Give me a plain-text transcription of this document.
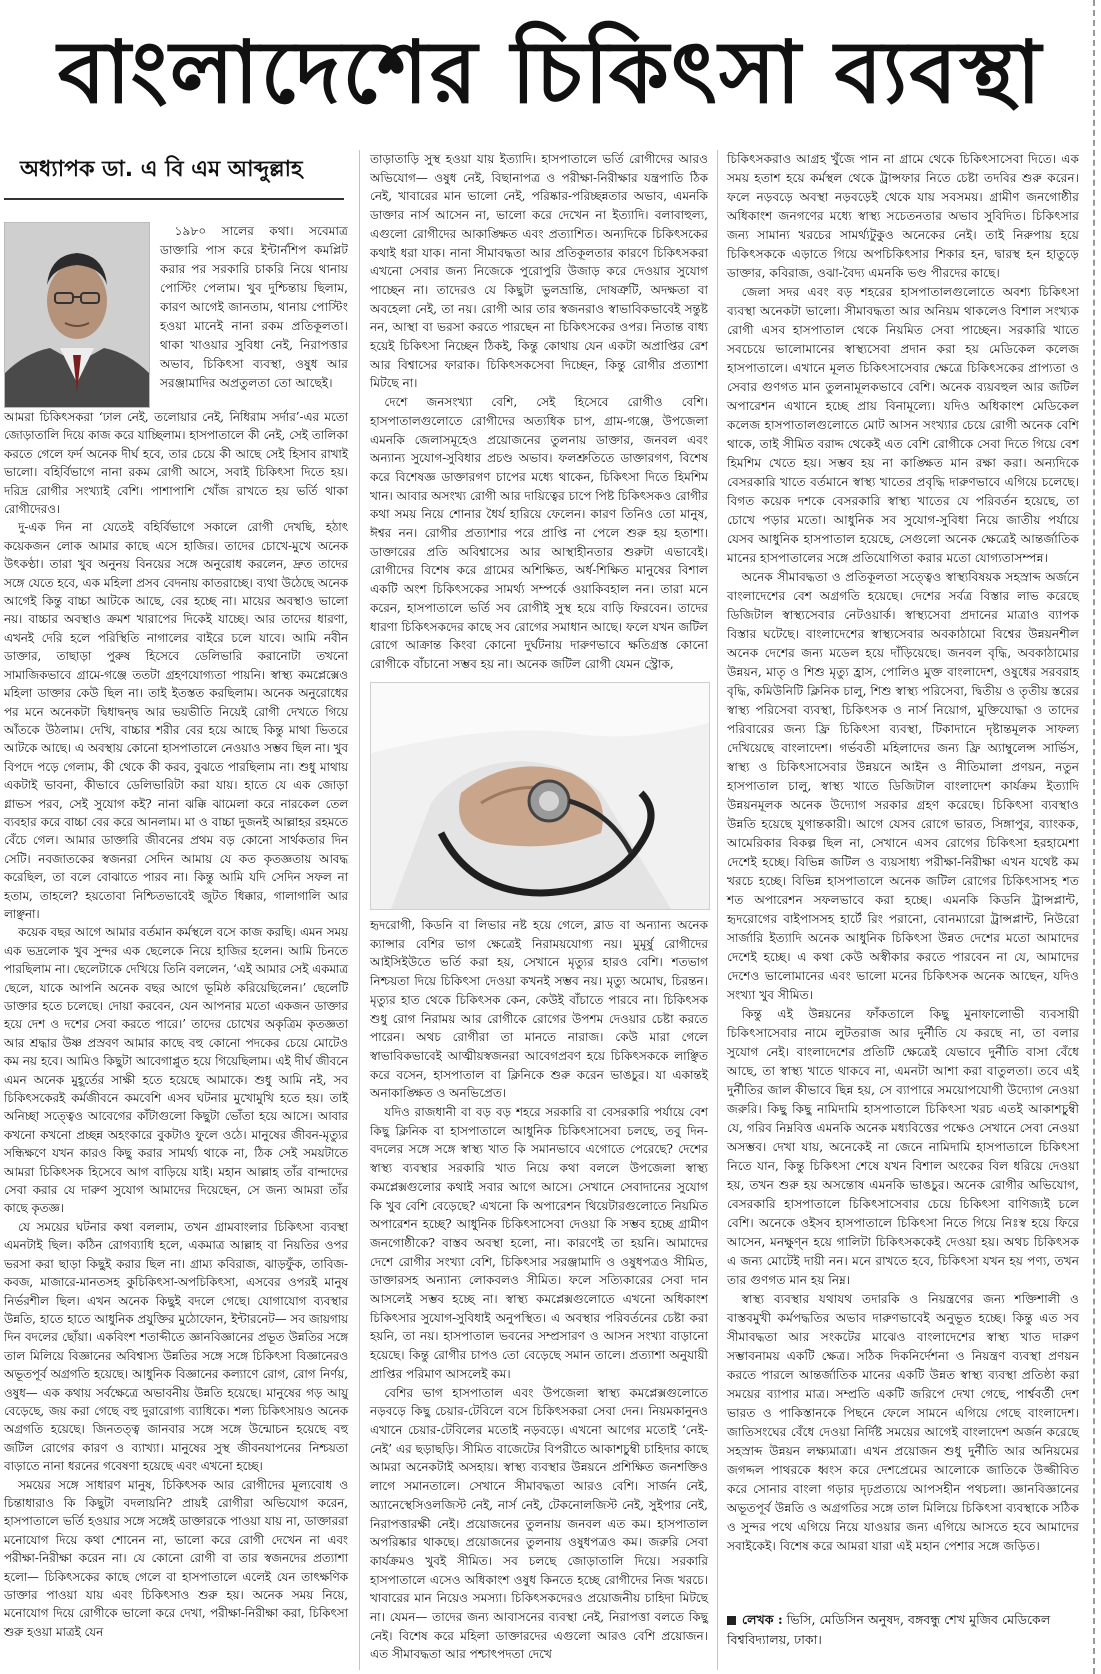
বাংলাদেশের চিকিৎসা ব্যবস্থা
অধ্যাপক ডা. এ বি এম আব্দুল্লাহ

১৯৮০ সালের কথা। সবেমাত্র ডাক্তারি পাস করে ইন্টার্নশিপ কমপ্লিট করার পর সরকারি চাকরি নিয়ে থানায় পোস্টিং পেলাম। খুব দুশ্চিন্তায় ছিলাম, কারণ আগেই জানতাম, থানায় পোস্টিং হওয়া মানেই নানা রকম প্রতিকূলতা। থাকা খাওয়ার সুবিধা নেই, নিরাপত্তার অভাব, চিকিৎসা ব্যবস্থা, ওষুধ আর সরঞ্জামাদির অপ্রতুলতা তো আছেই।

আমরা চিকিৎসকরা ‘ঢাল নেই, তলোয়ার নেই, নিধিরাম সর্দার’-এর মতো জোড়াতালি দিয়ে কাজ করে যাচ্ছিলাম। হাসপাতালে কী নেই, সেই তালিকা করতে গেলে ফর্দ অনেক দীর্ঘ হবে, তার চেয়ে কী আছে সেই হিসাব রাখাই ভালো। বহির্বিভাগে নানা রকম রোগী আসে, সবাই চিকিৎসা দিতে হয়। দরিদ্র রোগীর সংখ্যাই বেশি। পাশাপাশি খোঁজ রাখতে হয় ভর্তি থাকা রোগীদেরও।

দু-এক দিন না যেতেই বহির্বিভাগে সকালে রোগী দেখছি, হঠাৎ কয়েকজন লোক আমার কাছে এসে হাজির। তাদের চোখে-মুখে অনেক উৎকণ্ঠা। তারা খুব অনুনয় বিনয়ের সঙ্গে অনুরোধ করলেন, দ্রুত তাদের সঙ্গে যেতে হবে, এক মহিলা প্রসব বেদনায় কাতরাচ্ছে। ব্যথা উঠেছে অনেক আগেই কিন্তু বাচ্চা আটকে আছে, বের হচ্ছে না। মায়ের অবস্থাও ভালো নয়। বাচ্চার অবস্থাও ক্রমশ খারাপের দিকেই যাচ্ছে। আর তাদের ধারণা, এখনই দেরি হলে পরিস্থিতি নাগালের বাইরে চলে যাবে। আমি নবীন ডাক্তার, তাছাড়া পুরুষ হিসেবে ডেলিভারি করানোটা তখনো সামাজিকভাবে গ্রামে-গঞ্জে ততটা গ্রহণযোগ্যতা পায়নি। স্বাস্থ্য কমপ্লেক্সেও মহিলা ডাক্তার কেউ ছিল না। তাই ইতস্তত করছিলাম। অনেক অনুরোধের পর মনে অনেকটা দ্বিধাদ্বন্দ্ব আর ভয়ভীতি নিয়েই রোগী দেখতে গিয়ে আঁতকে উঠলাম। দেখি, বাচ্চার শরীর বের হয়ে আছে কিন্তু মাথা ভিতরে আটকে আছে। এ অবস্থায় কোনো হাসপাতালে নেওয়াও সম্ভব ছিল না। খুব বিপদে পড়ে গেলাম, কী থেকে কী করব, বুঝতে পারছিলাম না। শুধু মাথায় একটাই ভাবনা, কীভাবে ডেলিভারিটা করা যায়। হাতে যে এক জোড়া গ্লাভস পরব, সেই সুযোগ কই? নানা ঝক্কি ঝামেলা করে নারকেল তেল ব্যবহার করে বাচ্চা বের করে আনলাম। মা ও বাচ্চা দুজনই আল্লাহর রহমতে বেঁচে গেল। আমার ডাক্তারি জীবনের প্রথম বড় কোনো সার্থকতার দিন সেটি। নবজাতকের স্বজনরা সেদিন আমায় যে কত কৃতজ্ঞতায় আবদ্ধ করেছিল, তা বলে বোঝাতে পারব না। কিন্তু আমি যদি সেদিন সফল না হতাম, তাহলে? হয়তোবা নিশ্চিতভাবেই জুটত ধিক্কার, গালাগালি আর লাঞ্ছনা।

কয়েক বছর আগে আমার বর্তমান কর্মস্থলে বসে কাজ করছি। এমন সময় এক ভদ্রলোক খুব সুন্দর এক ছেলেকে নিয়ে হাজির হলেন। আমি চিনতে পারছিলাম না। ছেলেটাকে দেখিয়ে তিনি বললেন, ‘এই আমার সেই একমাত্র ছেলে, যাকে আপনি অনেক বছর আগে ভূমিষ্ঠ করিয়েছিলেন।’ ছেলেটি ডাক্তার হতে চলেছে। দোয়া করবেন, যেন আপনার মতো একজন ডাক্তার হয়ে দেশ ও দশের সেবা করতে পারে।’ তাদের চোখের অকৃত্রিম কৃতজ্ঞতা আর শ্রদ্ধার উষ্ণ প্রস্রবণ আমার কাছে বহু কোনো পদকের চেয়ে মোটেও কম নয় হবে। আমিও কিছুটা আবেগাপ্লুত হয়ে গিয়েছিলাম। এই দীর্ঘ জীবনে এমন অনেক মুহূর্তের সাক্ষী হতে হয়েছে আমাকে। শুধু আমি নই, সব চিকিৎসকেরই কর্মজীবনে কমবেশি এসব ঘটনার মুখোমুখি হতে হয়। তাই অনিচ্ছা সত্ত্বেও আবেগের কাঁটাগুলো কিছুটা ভোঁতা হয়ে আসে। আবার কখনো কখনো প্রচ্ছন্ন অহংকারে বুকটাও ফুলে ওঠে। মানুষের জীবন-মৃত্যুর সন্ধিক্ষণে যখন কারও কিছু করার সামর্থ্য থাকে না, ঠিক সেই সময়টাতে আমরা চিকিৎসক হিসেবে আগ বাড়িয়ে যাই। মহান আল্লাহ তাঁর বান্দাদের সেবা করার যে দারুণ সুযোগ আমাদের দিয়েছেন, সে জন্য আমরা তাঁর কাছে কৃতজ্ঞ।

যে সময়ের ঘটনার কথা বললাম, তখন গ্রামবাংলার চিকিৎসা ব্যবস্থা এমনটাই ছিল। কঠিন রোগব্যাধি হলে, একমাত্র আল্লাহ বা নিয়তির ওপর ভরসা করা ছাড়া কিছুই করার ছিল না। গ্রাম্য কবিরাজ, ঝাড়ফুঁক, তাবিজ-কবজ, মাজারে-মানতসহ কুচিকিৎসা-অপচিকিৎসা, এসবের ওপরই মানুষ নির্ভরশীল ছিল। এখন অনেক কিছুই বদলে গেছে। যোগাযোগ ব্যবস্থার উন্নতি, হাতে হাতে আধুনিক প্রযুক্তির মুঠোফোন, ইন্টারনেট— সব জায়গায় দিন বদলের ছোঁয়া। একবিংশ শতাব্দীতে জ্ঞানবিজ্ঞানের প্রভূত উন্নতির সঙ্গে তাল মিলিয়ে বিজ্ঞানের অবিশ্বাস্য উন্নতির সঙ্গে সঙ্গে চিকিৎসা বিজ্ঞানেরও অভূতপূর্ব অগ্রগতি হয়েছে। আধুনিক বিজ্ঞানের কল্যাণে রোগ, রোগ নির্ণয়, ওষুধ— এক কথায় সর্বক্ষেত্রে অভাবনীয় উন্নতি হয়েছে। মানুষের গড় আয়ু বেড়েছে, জয় করা গেছে বহু দুরারোগ্য ব্যাধিকে। শল্য চিকিৎসায়ও অনেক অগ্রগতি হয়েছে। জিনতত্ত্ব জানবার সঙ্গে সঙ্গে উন্মোচন হয়েছে বহু জটিল রোগের কারণ ও ব্যাখ্যা। মানুষের সুস্থ জীবনযাপনের নিশ্চয়তা বাড়াতে নানা ধরনের গবেষণা হয়েছে এবং এখনো হচ্ছে।

সময়ের সঙ্গে সাধারণ মানুষ, চিকিৎসক আর রোগীদের মূল্যবোধ ও চিন্তাধারাও কি কিছুটা বদলায়নি? প্রায়ই রোগীরা অভিযোগ করেন, হাসপাতালে ভর্তি হওয়ার সঙ্গে সঙ্গেই ডাক্তারকে পাওয়া যায় না, ডাক্তাররা মনোযোগ দিয়ে কথা শোনেন না, ভালো করে রোগী দেখেন না এবং পরীক্ষা-নিরীক্ষা করেন না। যে কোনো রোগী বা তার স্বজনদের প্রত্যাশা হলো— চিকিৎসকের কাছে গেলে বা হাসপাতালে এলেই যেন তাৎক্ষণিক ডাক্তার পাওয়া যায় এবং চিকিৎসাও শুরু হয়। অনেক সময় নিয়ে, মনোযোগ দিয়ে রোগীকে ভালো করে দেখা, পরীক্ষা-নিরীক্ষা করা, চিকিৎসা শুরু হওয়া মাত্রই যেন

তাড়াতাড়ি সুস্থ হওয়া যায় ইত্যাদি। হাসপাতালে ভর্তি রোগীদের আরও অভিযোগ— ওষুধ নেই, বিছানাপত্র ও পরীক্ষা-নিরীক্ষার যন্ত্রপাতি ঠিক নেই, খাবারের মান ভালো নেই, পরিষ্কার-পরিচ্ছন্নতার অভাব, এমনকি ডাক্তার নার্স আসেন না, ভালো করে দেখেন না ইত্যাদি। বলাবাহুল্য, এগুলো রোগীদের আকাঙ্ক্ষিত এবং প্রত্যাশিত। অন্যদিকে চিকিৎসকের কথাই ধরা যাক। নানা সীমাবদ্ধতা আর প্রতিকূলতার কারণে চিকিৎসকরা এখনো সেবার জন্য নিজেকে পুরোপুরি উজাড় করে দেওয়ার সুযোগ পাচ্ছেন না। তাদেরও যে কিছুটা ভুলভ্রান্তি, দোষত্রুটি, অদক্ষতা বা অবহেলা নেই, তা নয়। রোগী আর তার স্বজনরাও স্বাভাবিকভাবেই সন্তুষ্ট নন, আস্থা বা ভরসা করতে পারছেন না চিকিৎসকের ওপর। নিতান্ত বাধ্য হয়েই চিকিৎসা নিচ্ছেন ঠিকই, কিন্তু কোথায় যেন একটা অপ্রাপ্তির রেশ আর বিশ্বাসের ফারাক। চিকিৎসকসেবা দিচ্ছেন, কিন্তু রোগীর প্রত্যাশা মিটছে না।

দেশে জনসংখ্যা বেশি, সেই হিসেবে রোগীও বেশি। হাসপাতালগুলোতে রোগীদের অত্যধিক চাপ, গ্রাম-গঞ্জে, উপজেলা এমনকি জেলাসমূহেও প্রয়োজনের তুলনায় ডাক্তার, জনবল এবং অন্যান্য সুযোগ-সুবিধার প্রচণ্ড অভাব। ফলশ্রুতিতে ডাক্তারগণ, বিশেষ করে বিশেষজ্ঞ ডাক্তারগণ চাপের মধ্যে থাকেন, চিকিৎসা দিতে হিমশিম খান। আবার অসংখ্য রোগী আর দায়িত্বের চাপে পিষ্ট চিকিৎসকও রোগীর কথা সময় নিয়ে শোনার ধৈর্য হারিয়ে ফেলেন। কারণ তিনিও তো মানুষ, ঈশ্বর নন। রোগীর প্রত্যাশার পরে প্রাপ্তি না পেলে শুরু হয় হতাশা। ডাক্তারের প্রতি অবিশ্বাসের আর আস্থাহীনতার শুরুটা এভাবেই। রোগীদের বিশেষ করে গ্রামের অশিক্ষিত, অর্ধ-শিক্ষিত মানুষের বিশাল একটি অংশ চিকিৎসকের সামর্থ্য সম্পর্কে ওয়াকিবহাল নন। তারা মনে করেন, হাসপাতালে ভর্তি সব রোগীই সুস্থ হয়ে বাড়ি ফিরবেন। তাদের ধারণা চিকিৎসকদের কাছে সব রোগের সমাধান আছে। ফলে যখন জটিল রোগে আক্রান্ত কিংবা কোনো দুর্ঘটনায় দারুণভাবে ক্ষতিগ্রস্ত কোনো রোগীকে বাঁচানো সম্ভব হয় না। অনেক জটিল রোগী যেমন স্ট্রোক,

হৃদরোগী, কিডনি বা লিভার নষ্ট হয়ে গেলে, ব্লাড বা অন্যান্য অনেক ক্যান্সার বেশির ভাগ ক্ষেত্রেই নিরাময়যোগ্য নয়। মুমূর্ষু রোগীদের আইসিইউতে ভর্তি করা হয়, সেখানে মৃত্যুর হারও বেশি। শতভাগ নিশ্চয়তা দিয়ে চিকিৎসা দেওয়া কখনই সম্ভব নয়। মৃত্যু অমোঘ, চিরন্তন। মৃত্যুর হাত থেকে চিকিৎসক কেন, কেউই বাঁচাতে পারবে না। চিকিৎসক শুধু রোগ নিরাময় আর রোগীকে রোগের উপশম দেওয়ার চেষ্টা করতে পারেন। অথচ রোগীরা তা মানতে নারাজ। কেউ মারা গেলে স্বাভাবিকভাবেই আত্মীয়স্বজনরা আবেগপ্রবণ হয়ে চিকিৎসককে লাঞ্ছিত করে বসেন, হাসপাতাল বা ক্লিনিকে শুরু করেন ভাঙচুর। যা একান্তই অনাকাঙ্ক্ষিত ও অনভিপ্রেত।

যদিও রাজধানী বা বড় বড় শহরে সরকারি বা বেসরকারি পর্যায়ে বেশ কিছু ক্লিনিক বা হাসপাতালে আধুনিক চিকিৎসাসেবা চলছে, তবু দিন-বদলের সঙ্গে সঙ্গে স্বাস্থ্য খাত কি সমানভাবে এগোতে পেরেছে? দেশের স্বাস্থ্য ব্যবস্থার সরকারি খাত নিয়ে কথা বললে উপজেলা স্বাস্থ্য কমপ্লেক্সগুলোর কথাই সবার আগে আসে। সেখানে সেবাদানের সুযোগ কি খুব বেশি বেড়েছে? এখনো কি অপারেশন থিয়েটারগুলোতে নিয়মিত অপারেশন হচ্ছে? আধুনিক চিকিৎসাসেবা দেওয়া কি সম্ভব হচ্ছে গ্রামীণ জনগোষ্ঠীকে? বাস্তব অবস্থা হলো, না। কারণেই তা হয়নি। আমাদের দেশে রোগীর সংখ্যা বেশি, চিকিৎসার সরঞ্জামাদি ও ওষুধপত্রও সীমিত, ডাক্তারসহ অন্যান্য লোকবলও সীমিত। ফলে সত্যিকারের সেবা দান আসলেই সম্ভব হচ্ছে না। স্বাস্থ্য কমপ্লেক্সগুলোতে এখনো অধিকাংশ চিকিৎসার সুযোগ-সুবিধাই অনুপস্থিত। এ অবস্থার পরিবর্তনের চেষ্টা করা হয়নি, তা নয়। হাসপাতাল ভবনের সম্প্রসারণ ও আসন সংখ্যা বাড়ানো হয়েছে। কিন্তু রোগীর চাপও তো বেড়েছে সমান তালে। প্রত্যাশা অনুযায়ী প্রাপ্তির পরিমাণ আসলেই কম।

বেশির ভাগ হাসপাতাল এবং উপজেলা স্বাস্থ্য কমপ্লেক্সগুলোতে নড়বড়ে কিছু চেয়ার-টেবিলে বসে চিকিৎসকরা সেবা দেন। নিয়মকানুনও এখানে চেয়ার-টেবিলের মতোই নড়বড়ে। এখনো আগের মতোই ‘নেই-নেই’ এর ছড়াছড়ি। সীমিত বাজেটের বিপরীতে আকাশচুম্বী চাহিদার কাছে আমরা অনেকটাই অসহায়। স্বাস্থ্য ব্যবস্থার উন্নয়নে প্রশিক্ষিত জনশক্তিও লাগে সমানতালে। সেখানে সীমাবদ্ধতা আরও বেশি। সার্জন নেই, অ্যানেস্থেসিওলজিস্ট নেই, নার্স নেই, টেকনোলজিস্ট নেই, সুইপার নেই, নিরাপত্তারক্ষী নেই। প্রয়োজনের তুলনায় জনবল এত কম। হাসপাতাল অপরিষ্কার থাকছে। প্রয়োজনের তুলনায় ওষুধপত্রও কম। জরুরি সেবা কার্যক্রমও খুবই সীমিত। সব চলছে জোড়াতালি দিয়ে। সরকারি হাসপাতালে এসেও অধিকাংশ ওষুধ কিনতে হচ্ছে রোগীদের নিজ খরচে। খাবারের মান নিয়েও সমস্যা। চিকিৎসকদেরও প্রয়োজনীয় চাহিদা মিটছে না। যেমন— তাদের জন্য আবাসনের ব্যবস্থা নেই, নিরাপত্তা বলতে কিছু নেই। বিশেষ করে মহিলা ডাক্তারদের এগুলো আরও বেশি প্রয়োজন। এত সীমাবদ্ধতা আর পশ্চাৎপদতা দেখে

চিকিৎসকরাও আগ্রহ খুঁজে পান না গ্রামে থেকে চিকিৎসাসেবা দিতে। এক সময় হতাশ হয়ে কর্মস্থল থেকে ট্রান্সফার নিতে চেষ্টা তদবির শুরু করেন। ফলে নড়বড়ে অবস্থা নড়বড়েই থেকে যায় সবসময়। গ্রামীণ জনগোষ্ঠীর অধিকাংশ জনগণের মধ্যে স্বাস্থ্য সচেতনতার অভাব সুবিদিত। চিকিৎসার জন্য সামান্য খরচের সামর্থ্যটুকুও অনেকের নেই। তাই নিরুপায় হয়ে চিকিৎসককে এড়াতে গিয়ে অপচিকিৎসার শিকার হন, দ্বারস্থ হন হাতুড়ে ডাক্তার, কবিরাজ, ওঝা-বৈদ্য এমনকি ভণ্ড পীরদের কাছে।

জেলা সদর এবং বড় শহরের হাসপাতালগুলোতে অবশ্য চিকিৎসা ব্যবস্থা অনেকটা ভালো। সীমাবদ্ধতা আর অনিয়ম থাকলেও বিশাল সংখ্যক রোগী এসব হাসপাতাল থেকে নিয়মিত সেবা পাচ্ছেন। সরকারি খাতে সবচেয়ে ভালোমানের স্বাস্থ্যসেবা প্রদান করা হয় মেডিকেল কলেজ হাসপাতালে। এখানে মূলত চিকিৎসাসেবার ক্ষেত্রে চিকিৎসকের প্রাপ্যতা ও সেবার গুণগত মান তুলনামূলকভাবে বেশি। অনেক ব্যয়বহুল আর জটিল অপারেশন এখানে হচ্ছে প্রায় বিনামূল্যে। যদিও অধিকাংশ মেডিকেল কলেজ হাসপাতালগুলোতে মোট আসন সংখ্যার চেয়ে রোগী অনেক বেশি থাকে, তাই সীমিত বরাদ্দ থেকেই এত বেশি রোগীকে সেবা দিতে গিয়ে বেশ হিমশিম খেতে হয়। সম্ভব হয় না কাঙ্ক্ষিত মান রক্ষা করা। অন্যদিকে বেসরকারি খাতে বর্তমানে স্বাস্থ্য খাতের প্রবৃদ্ধি দারুণভাবে এগিয়ে চলেছে। বিগত কয়েক দশকে বেসরকারি স্বাস্থ্য খাতের যে পরিবর্তন হয়েছে, তা চোখে পড়ার মতো। আধুনিক সব সুযোগ-সুবিধা নিয়ে জাতীয় পর্যায়ে যেসব আধুনিক হাসপাতাল হয়েছে, সেগুলো অনেক ক্ষেত্রেই আন্তর্জাতিক মানের হাসপাতালের সঙ্গে প্রতিযোগিতা করার মতো যোগ্যতাসম্পন্ন।

অনেক সীমাবদ্ধতা ও প্রতিকূলতা সত্ত্বেও স্বাস্থ্যবিষয়ক সহস্রাব্দ অর্জনে বাংলাদেশের বেশ অগ্রগতি হয়েছে। দেশের সর্বত্র বিস্তার লাভ করেছে ডিজিটাল স্বাস্থ্যসেবার নেটওয়ার্ক। স্বাস্থ্যসেবা প্রদানের মাত্রাও ব্যাপক বিস্তার ঘটেছে। বাংলাদেশের স্বাস্থ্যসেবার অবকাঠামো বিশ্বের উন্নয়নশীল অনেক দেশের জন্য মডেল হয়ে দাঁড়িয়েছে। জনবল বৃদ্ধি, অবকাঠামোর উন্নয়ন, মাতৃ ও শিশু মৃত্যু হ্রাস, পোলিও মুক্ত বাংলাদেশ, ওষুধের সরবরাহ বৃদ্ধি, কমিউনিটি ক্লিনিক চালু, শিশু স্বাস্থ্য পরিসেবা, দ্বিতীয় ও তৃতীয় স্তরের স্বাস্থ্য পরিসেবা ব্যবস্থা, চিকিৎসক ও নার্স নিয়োগ, মুক্তিযোদ্ধা ও তাদের পরিবারের জন্য ফ্রি চিকিৎসা ব্যবস্থা, টিকাদানে দৃষ্টান্তমূলক সাফল্য দেখিয়েছে বাংলাদেশ। গর্ভবতী মহিলাদের জন্য ফ্রি অ্যাম্বুলেন্স সার্ভিস, স্বাস্থ্য ও চিকিৎসাসেবার উন্নয়নে আইন ও নীতিমালা প্রণয়ন, নতুন হাসপাতাল চালু, স্বাস্থ্য খাতে ডিজিটাল বাংলাদেশ কার্যক্রম ইত্যাদি উন্নয়নমূলক অনেক উদ্যোগ সরকার গ্রহণ করেছে। চিকিৎসা ব্যবস্থাও উন্নতি হয়েছে যুগান্তকারী। আগে যেসব রোগে ভারত, সিঙ্গাপুর, ব্যাংকক, আমেরিকার বিকল্প ছিল না, সেখানে এসব রোগের চিকিৎসা হরহামেশা দেশেই হচ্ছে। বিভিন্ন জটিল ও ব্যয়সাধ্য পরীক্ষা-নিরীক্ষা এখন যথেষ্ট কম খরচে হচ্ছে। বিভিন্ন হাসপাতালে অনেক জটিল রোগের চিকিৎসাসহ শত শত অপারেশন সফলভাবে করা হচ্ছে। এমনকি কিডনি ট্রান্সপ্লান্ট, হৃদরোগের বাইপাসসহ হার্টে রিং পরানো, বোনম্যারো ট্রান্সপ্লান্ট, নিউরো সার্জারি ইত্যাদি অনেক আধুনিক চিকিৎসা উন্নত দেশের মতো আমাদের দেশেই হচ্ছে। এ কথা কেউ অস্বীকার করতে পারবেন না যে, আমাদের দেশেও ভালোমানের এবং ভালো মনের চিকিৎসক অনেক আছেন, যদিও সংখ্যা খুব সীমিত।

কিন্তু এই উন্নয়নের ফাঁকতালে কিছু মুনাফালোভী ব্যবসায়ী চিকিৎসাসেবার নামে লুটতরাজ আর দুর্নীতি যে করছে না, তা বলার সুযোগ নেই। বাংলাদেশের প্রতিটি ক্ষেত্রেই যেভাবে দুর্নীতি বাসা বেঁধে আছে, তা স্বাস্থ্য খাতে থাকবে না, এমনটা আশা করা বাতুলতা। তবে এই দুর্নীতির জাল কীভাবে ছিন্ন হয়, সে ব্যাপারে সময়োপযোগী উদ্যোগ নেওয়া জরুরি। কিছু কিছু নামিদামি হাসপাতালে চিকিৎসা খরচ এতই আকাশচুম্বী যে, গরিব নিম্নবিত্ত এমনকি অনেক মধ্যবিত্তের পক্ষেও সেখানে সেবা নেওয়া অসম্ভব। দেখা যায়, অনেকেই না জেনে নামিদামি হাসপাতালে চিকিৎসা নিতে যান, কিন্তু চিকিৎসা শেষে যখন বিশাল অংকের বিল ধরিয়ে দেওয়া হয়, তখন শুরু হয় অসন্তোষ এমনকি ভাঙচুর। অনেক রোগীর অভিযোগ, বেসরকারি হাসপাতালে চিকিৎসাসেবার চেয়ে চিকিৎসা বাণিজ্যই চলে বেশি। অনেকে ওইসব হাসপাতালে চিকিৎসা নিতে গিয়ে নিঃস্ব হয়ে ফিরে আসেন, মনক্ষুণ্ন হয়ে গালিটা চিকিৎসককেই দেওয়া হয়। অথচ চিকিৎসক এ জন্য মোটেই দায়ী নন। মনে রাখতে হবে, চিকিৎসা যখন হয় পণ্য, তখন তার গুণগত মান হয় নিম্ন।

স্বাস্থ্য ব্যবস্থার যথাযথ তদারকি ও নিয়ন্ত্রণের জন্য শক্তিশালী ও বাস্তবমুখী কর্মপদ্ধতির অভাব দারুণভাবেই অনুভূত হচ্ছে। কিন্তু এত সব সীমাবদ্ধতা আর সংকটের মাঝেও বাংলাদেশের স্বাস্থ্য খাত দারুণ সম্ভাবনাময় একটি ক্ষেত্র। সঠিক দিকনির্দেশনা ও নিয়ন্ত্রণ ব্যবস্থা প্রণয়ন করতে পারলে আন্তর্জাতিক মানের একটি উন্নত স্বাস্থ্য ব্যবস্থা প্রতিষ্ঠা করা সময়ের ব্যাপার মাত্র। সম্প্রতি একটি জরিপে দেখা গেছে, পার্শ্ববর্তী দেশ ভারত ও পাকিস্তানকে পিছনে ফেলে সামনে এগিয়ে গেছে বাংলাদেশ। জাতিসংঘের বেঁধে দেওয়া নির্দিষ্ট সময়ের আগেই বাংলাদেশ অর্জন করেছে সহস্রাব্দ উন্নয়ন লক্ষ্যমাত্রা। এখন প্রয়োজন শুধু দুর্নীতি আর অনিয়মের জগদ্দল পাথরকে ধ্বংস করে দেশপ্রেমের আলোকে জাতিকে উজ্জীবিত করে সোনার বাংলা গড়ার দৃঢ়প্রত্যয়ে আপসহীন পথচলা। জ্ঞানবিজ্ঞানের অভূতপূর্ব উন্নতি ও অগ্রগতির সঙ্গে তাল মিলিয়ে চিকিৎসা ব্যবস্থাকে সঠিক ও সুন্দর পথে এগিয়ে নিয়ে যাওয়ার জন্য এগিয়ে আসতে হবে আমাদের সবাইকেই। বিশেষ করে আমরা যারা এই মহান পেশার সঙ্গে জড়িত।

লেখক : ভিসি, মেডিসিন অনুষদ, বঙ্গবন্ধু শেখ মুজিব মেডিকেল বিশ্ববিদ্যালয়, ঢাকা।
